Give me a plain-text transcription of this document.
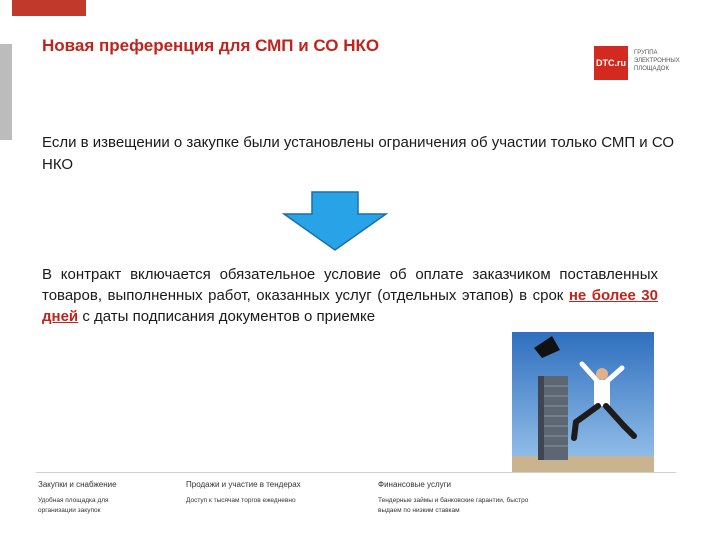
Новая преференция для СМП и СО НКО
DTC.ru
ГРУППА ЭЛЕКТРОННЫХ ПЛОЩАДОК
Если в извещении о закупке были установлены ограничения об участии только СМП и СО НКО
В контракт включается обязательное условие об оплате заказчиком поставленных товаров, выполненных работ, оказанных услуг (отдельных этапов) в срок не более 30 дней с даты подписания документов о приемке
Закупки и снабжение
Удобная площадка для организации закупок
Продажи и участие в тендерах
Доступ к тысячам торгов ежедневно
Финансовые услуги
Тендерные займы и банковские гарантии, быстро выдаем по низким ставкам
